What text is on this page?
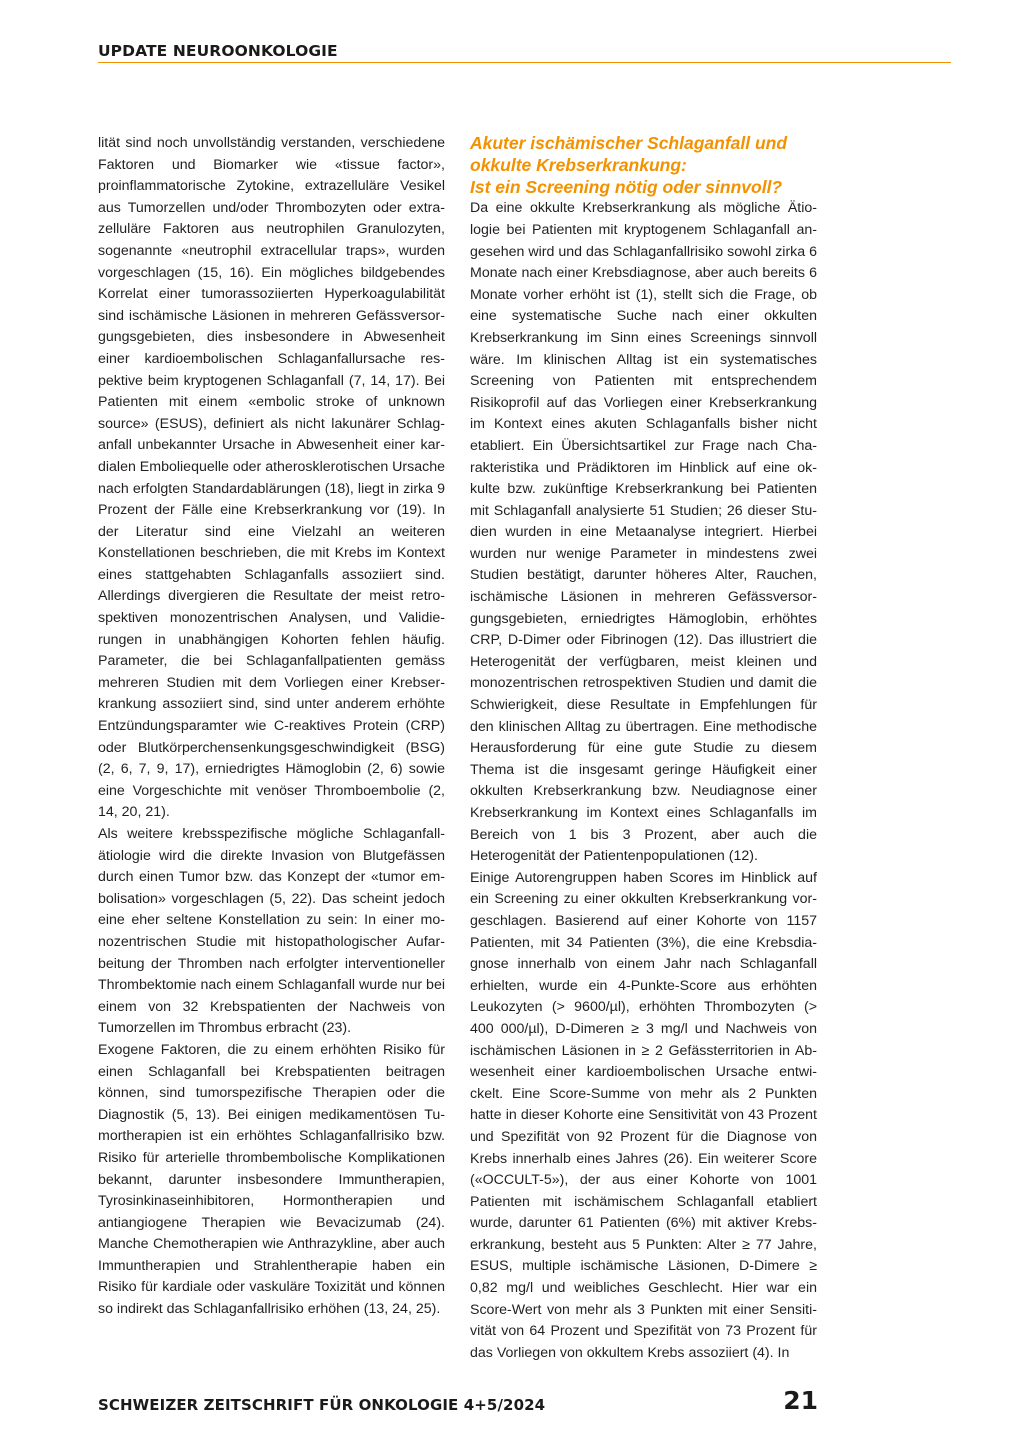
UPDATE NEUROONKOLOGIE

lität sind noch unvollständig verstanden, verschiedene Faktoren und Biomarker wie «tissue factor», proinflammatorische Zytokine, extrazelluläre Vesikel aus Tumorzellen und/oder Thrombozyten oder extrazelluläre Faktoren aus neutrophilen Granulozyten, sogenannte «neutrophil extracellular traps», wurden vorgeschlagen (15, 16). Ein mögliches bildgebendes Korrelat einer tumorassoziierten Hyperkoagulabilität sind ischämische Läsionen in mehreren Gefässversorgungsgebieten, dies insbesondere in Abwesenheit einer kardioembolischen Schlaganfallursache respektive beim kryptogenen Schlaganfall (7, 14, 17). Bei Patienten mit einem «embolic stroke of unknown source» (ESUS), definiert als nicht lakunärer Schlaganfall unbekannter Ursache in Abwesenheit einer kardialen Emboliequelle oder atherosklerotischen Ursache nach erfolgten Standardablärungen (18), liegt in zirka 9 Prozent der Fälle eine Krebserkrankung vor (19). In der Literatur sind eine Vielzahl an weiteren Konstellationen beschrieben, die mit Krebs im Kontext eines stattgehabten Schlaganfalls assoziiert sind. Allerdings divergieren die Resultate der meist retrospektiven monozentrischen Analysen, und Validierungen in unabhängigen Kohorten fehlen häufig. Parameter, die bei Schlaganfallpatienten gemäss mehreren Studien mit dem Vorliegen einer Krebserkrankung assoziiert sind, sind unter anderem erhöhte Entzündungsparamter wie C-reaktives Protein (CRP) oder Blutkörperchensenkungsgeschwindigkeit (BSG) (2, 6, 7, 9, 17), erniedrigtes Hämoglobin (2, 6) sowie eine Vorgeschichte mit venöser Thromboembolie (2, 14, 20, 21).

Als weitere krebsspezifische mögliche Schlaganfallätiologie wird die direkte Invasion von Blutgefässen durch einen Tumor bzw. das Konzept der «tumor embolisation» vorgeschlagen (5, 22). Das scheint jedoch eine eher seltene Konstellation zu sein: In einer monozentrischen Studie mit histopathologischer Aufarbeitung der Thromben nach erfolgter interventioneller Thrombektomie nach einem Schlaganfall wurde nur bei einem von 32 Krebspatienten der Nachweis von Tumorzellen im Thrombus erbracht (23).

Exogene Faktoren, die zu einem erhöhten Risiko für einen Schlaganfall bei Krebspatienten beitragen können, sind tumorspezifische Therapien oder die Diagnostik (5, 13). Bei einigen medikamentösen Tumortherapien ist ein erhöhtes Schlaganfallrisiko bzw. Risiko für arterielle thrombembolische Komplikationen bekannt, darunter insbesondere Immuntherapien, Tyrosinkinaseinhibitoren, Hormontherapien und antiangiogene Therapien wie Bevacizumab (24). Manche Chemotherapien wie Anthrazykline, aber auch Immuntherapien und Strahlentherapie haben ein Risiko für kardiale oder vaskuläre Toxizität und können so indirekt das Schlaganfallrisiko erhöhen (13, 24, 25).

Akuter ischämischer Schlaganfall und
okkulte Krebserkrankung:
Ist ein Screening nötig oder sinnvoll?

Da eine okkulte Krebserkrankung als mögliche Ätiologie bei Patienten mit kryptogenem Schlaganfall angesehen wird und das Schlaganfallrisiko sowohl zirka 6 Monate nach einer Krebsdiagnose, aber auch bereits 6 Monate vorher erhöht ist (1), stellt sich die Frage, ob eine systematische Suche nach einer okkulten Krebserkrankung im Sinn eines Screenings sinnvoll wäre. Im klinischen Alltag ist ein systematisches Screening von Patienten mit entsprechendem Risikoprofil auf das Vorliegen einer Krebserkrankung im Kontext eines akuten Schlaganfalls bisher nicht etabliert. Ein Übersichtsartikel zur Frage nach Charakteristika und Prädiktoren im Hinblick auf eine okkulte bzw. zukünftige Krebserkrankung bei Patienten mit Schlaganfall analysierte 51 Studien; 26 dieser Studien wurden in eine Metaanalyse integriert. Hierbei wurden nur wenige Parameter in mindestens zwei Studien bestätigt, darunter höheres Alter, Rauchen, ischämische Läsionen in mehreren Gefässversorgungsgebieten, erniedrigtes Hämoglobin, erhöhtes CRP, D-Dimer oder Fibrinogen (12). Das illustriert die Heterogenität der verfügbaren, meist kleinen und monozentrischen retrospektiven Studien und damit die Schwierigkeit, diese Resultate in Empfehlungen für den klinischen Alltag zu übertragen. Eine methodische Herausforderung für eine gute Studie zu diesem Thema ist die insgesamt geringe Häufigkeit einer okkulten Krebserkrankung bzw. Neudiagnose einer Krebserkrankung im Kontext eines Schlaganfalls im Bereich von 1 bis 3 Prozent, aber auch die Heterogenität der Patientenpopulationen (12).

Einige Autorengruppen haben Scores im Hinblick auf ein Screening zu einer okkulten Krebserkrankung vorgeschlagen. Basierend auf einer Kohorte von 1157 Patienten, mit 34 Patienten (3%), die eine Krebsdiagnose innerhalb von einem Jahr nach Schlaganfall erhielten, wurde ein 4-Punkte-Score aus erhöhten Leukozyten (> 9600/µl), erhöhten Thrombozyten (> 400 000/µl), D-Dimeren ≥ 3 mg/l und Nachweis von ischämischen Läsionen in ≥ 2 Gefässterritorien in Abwesenheit einer kardioembolischen Ursache entwickelt. Eine Score-Summe von mehr als 2 Punkten hatte in dieser Kohorte eine Sensitivität von 43 Prozent und Spezifität von 92 Prozent für die Diagnose von Krebs innerhalb eines Jahres (26). Ein weiterer Score («OCCULT-5»), der aus einer Kohorte von 1001 Patienten mit ischämischem Schlaganfall etabliert wurde, darunter 61 Patienten (6%) mit aktiver Krebserkrankung, besteht aus 5 Punkten: Alter ≥ 77 Jahre, ESUS, multiple ischämische Läsionen, D-Dimere ≥ 0,82 mg/l und weibliches Geschlecht. Hier war ein Score-Wert von mehr als 3 Punkten mit einer Sensitivität von 64 Prozent und Spezifität von 73 Prozent für das Vorliegen von okkultem Krebs assoziiert (4). In

SCHWEIZER ZEITSCHRIFT FÜR ONKOLOGIE 4+5/2024	21
